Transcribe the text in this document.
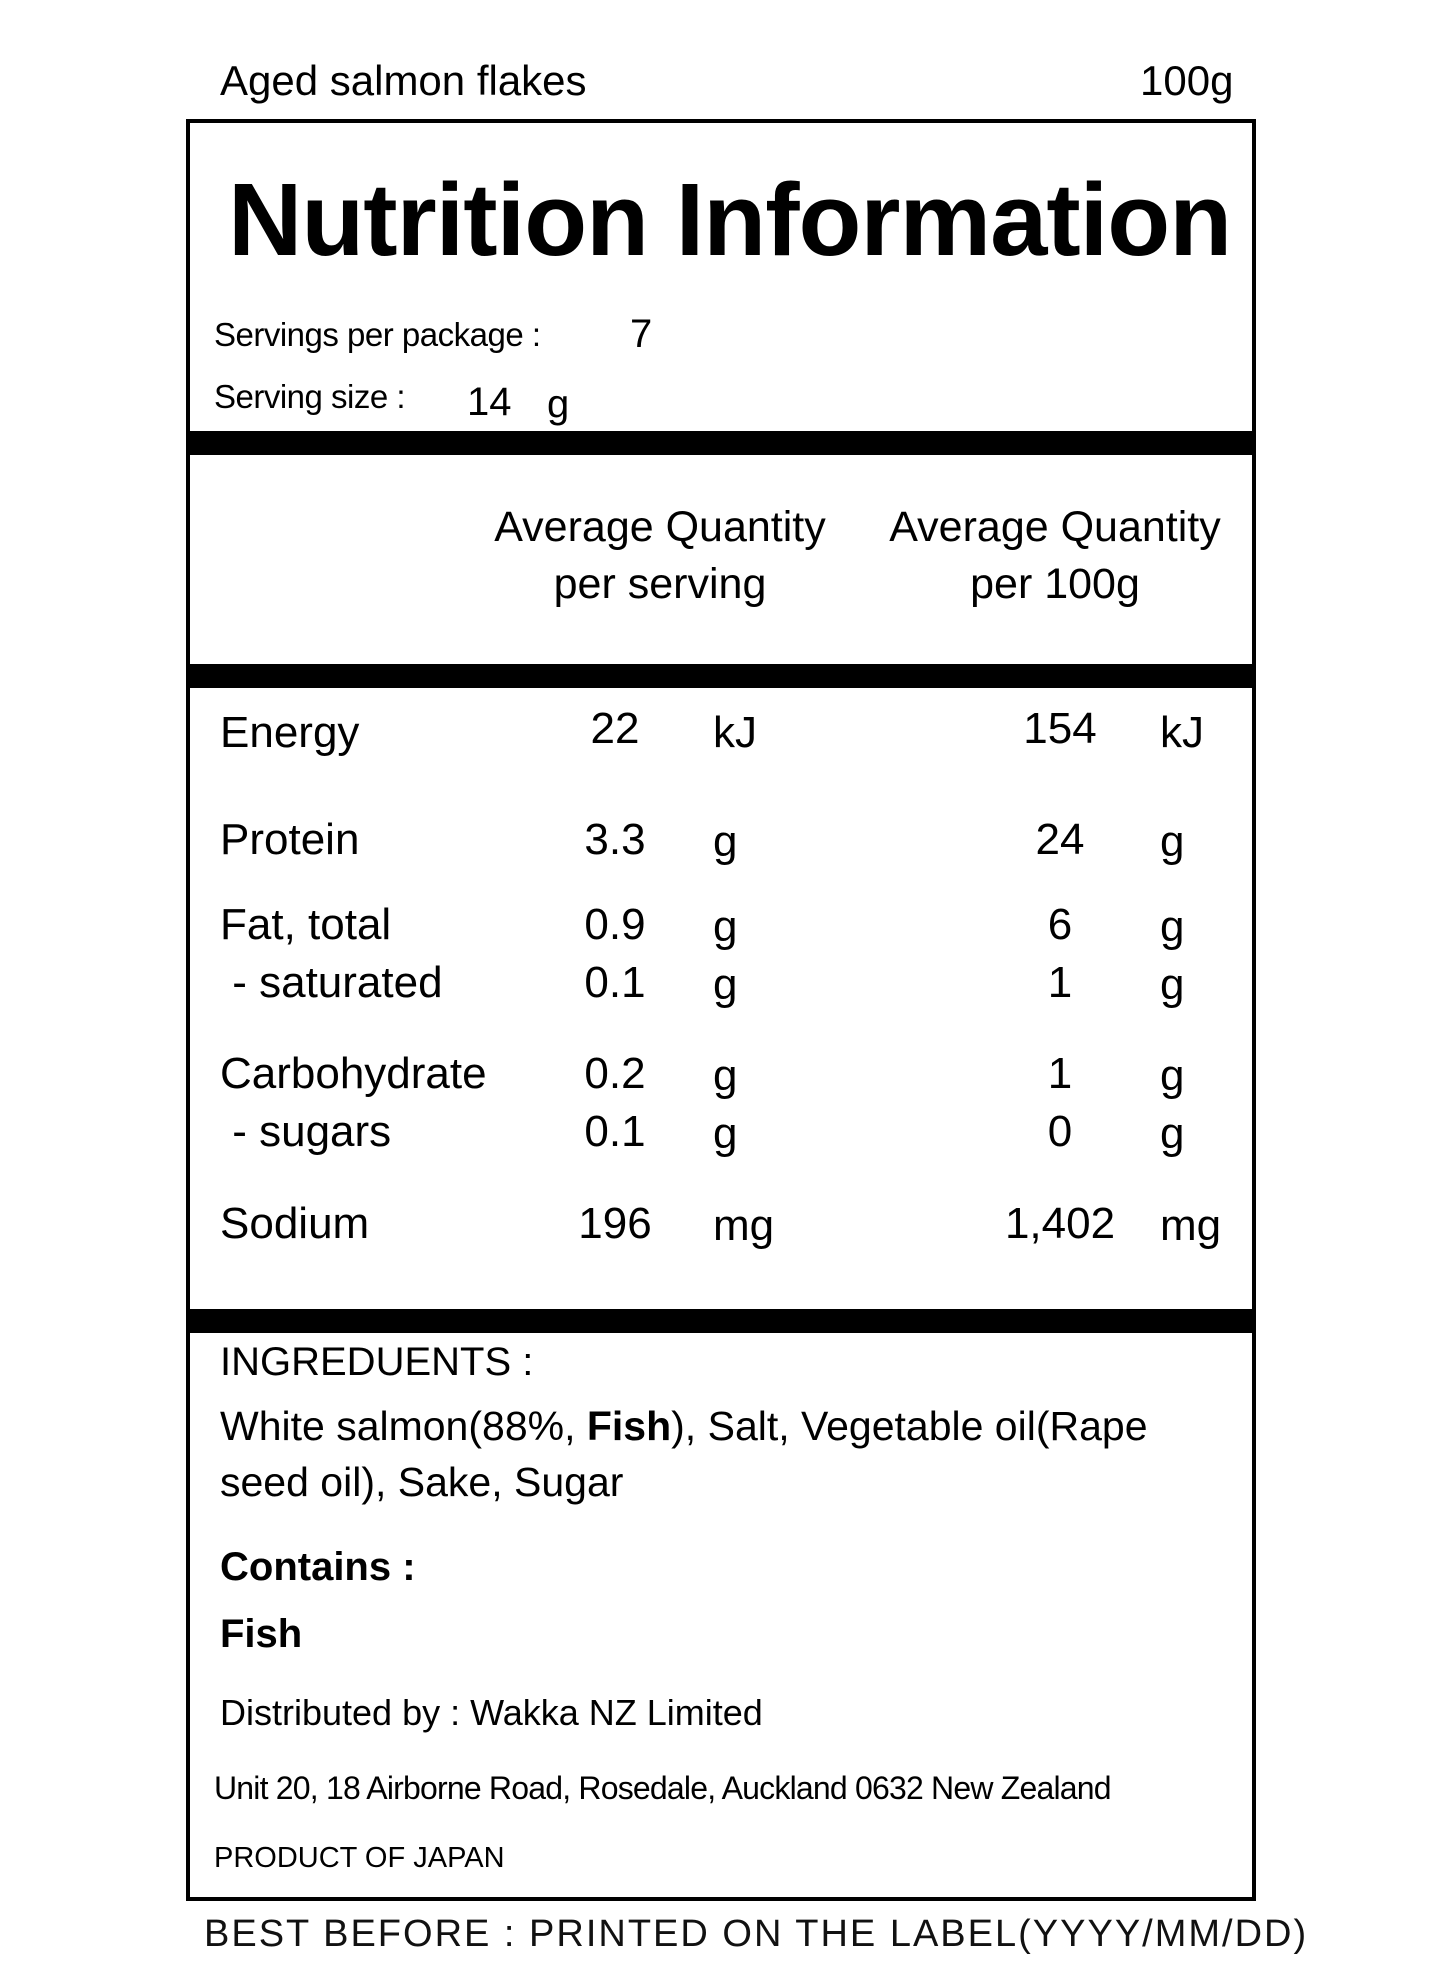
Aged salmon flakes	100g
Nutrition Information
Servings per package : 7
Serving size : 14 g
Average Quantity
per serving
Average Quantity
per 100g
Energy	22	kJ	154	kJ
Protein	3.3	g	24	g
Fat, total	0.9	g	6	g
- saturated	0.1	g	1	g
Carbohydrate	0.2	g	1	g
- sugars	0.1	g	0	g
Sodium	196	mg	1,402	mg
INGREDUENTS :
White salmon(88%, Fish), Salt, Vegetable oil(Rape seed oil), Sake, Sugar
Contains :
Fish
Distributed by : Wakka NZ Limited
Unit 20, 18 Airborne Road, Rosedale, Auckland 0632 New Zealand
PRODUCT OF JAPAN
BEST BEFORE : PRINTED ON THE LABEL(YYYY/MM/DD)
